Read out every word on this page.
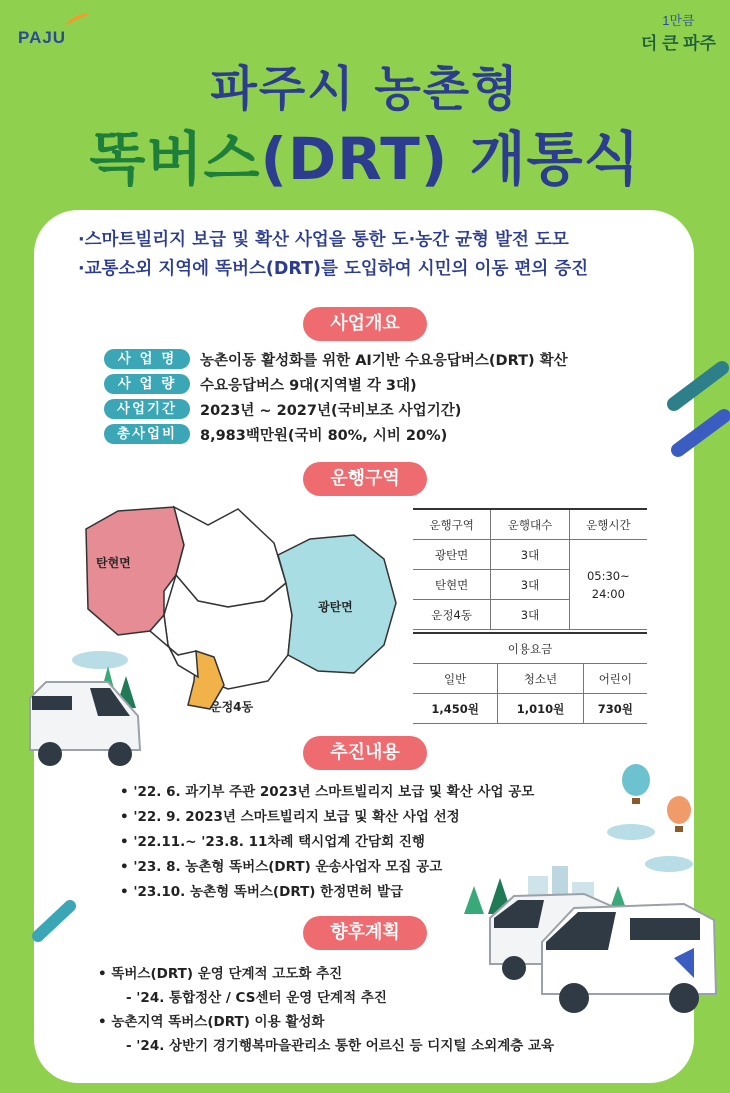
PAJU
1만큼
더 큰 파주
파주시 농촌형
똑버스(DRT) 개통식
·스마트빌리지 보급 및 확산 사업을 통한 도·농간 균형 발전 도모
·교통소외 지역에 똑버스(DRT)를 도입하여 시민의 이동 편의 증진
사업개요
사 업 명	농촌이동 활성화를 위한 AI기반 수요응답버스(DRT) 확산
사 업 량	수요응답버스 9대(지역별 각 3대)
사업기간	2023년 ~ 2027년(국비보조 사업기간)
총사업비	8,983백만원(국비 80%, 시비 20%)
운행구역
탄현면
광탄면
운정4동
운행구역	운행대수	운행시간
광탄면	3대	05:30~
24:00

탄현면	3대	
운정4동	3대	
이용요금		
일반	청소년	어린이
1,450원	1,010원	730원
추진내용
• '22. 6. 과기부 주관 2023년 스마트빌리지 보급 및 확산 사업 공모
• '22. 9. 2023년 스마트빌리지 보급 및 확산 사업 선정
• '22.11.~ '23.8. 11차례 택시업계 간담회 진행
• '23. 8. 농촌형 똑버스(DRT) 운송사업자 모집 공고
• '23.10. 농촌형 똑버스(DRT) 한정면허 발급
향후계획
• 똑버스(DRT) 운영 단계적 고도화 추진
- '24. 통합정산 / CS센터 운영 단계적 추진
• 농촌지역 똑버스(DRT) 이용 활성화
- '24. 상반기 경기행복마을관리소 통한 어르신 등 디지털 소외계층 교육
